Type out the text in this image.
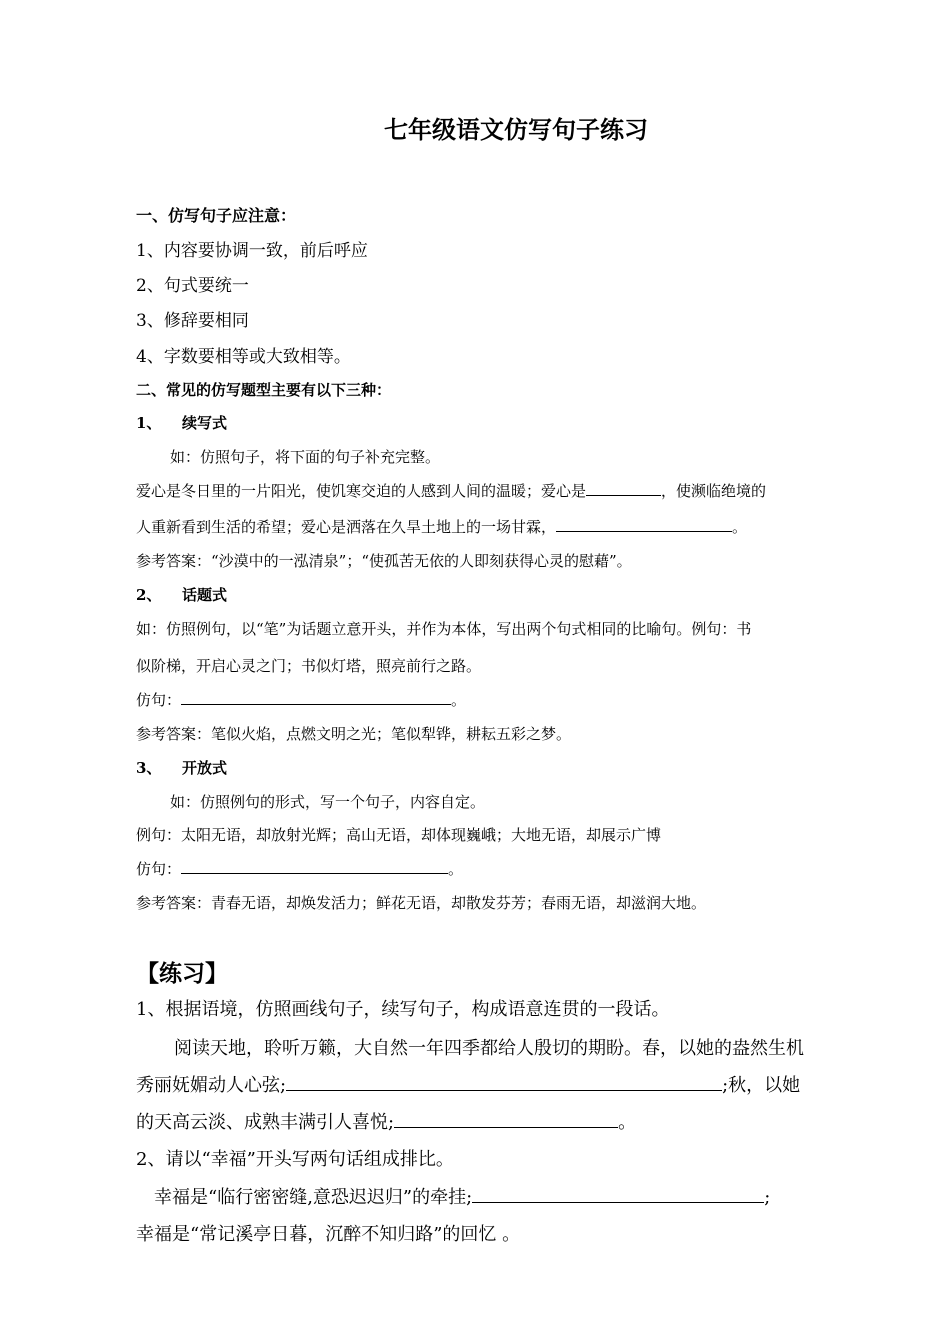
七年级语文仿写句子练习
一、仿写句子应注意：
1、内容要协调一致，前后呼应
2、句式要统一
3、修辞要相同
4、字数要相等或大致相等。
二、常见的仿写题型主要有以下三种：
1、 续写式
如：仿照句子，将下面的句子补充完整。
爱心是冬日里的一片阳光，使饥寒交迫的人感到人间的温暖；爱心是	，使濒临绝境的
人重新看到生活的希望；爱心是洒落在久旱土地上的一场甘霖，	。
参考答案：“沙漠中的一泓清泉”；“使孤苦无依的人即刻获得心灵的慰藉”。
2、 话题式
如：仿照例句，以“笔”为话题立意开头，并作为本体，写出两个句式相同的比喻句。例句：书
似阶梯，开启心灵之门；书似灯塔，照亮前行之路。
仿句：	。
参考答案：笔似火焰，点燃文明之光；笔似犁铧，耕耘五彩之梦。
3、 开放式
如：仿照例句的形式，写一个句子，内容自定。
例句：太阳无语，却放射光辉；高山无语，却体现巍峨；大地无语，却展示广博
仿句：	。
参考答案：青春无语，却焕发活力；鲜花无语，却散发芬芳；春雨无语，却滋润大地。
【练习】
1、根据语境，仿照画线句子，续写句子，构成语意连贯的一段话。
阅读天地，聆听万籁，大自然一年四季都给人殷切的期盼。春，以她的盎然生机
秀丽妩媚动人心弦;	;秋，以她
的天高云淡、成熟丰满引人喜悦;	。
2、请以“幸福”开头写两句话组成排比。
幸福是“临行密密缝,意恐迟迟归”的牵挂;	;
幸福是“常记溪亭日暮，沉醉不知归路”的回忆 。
